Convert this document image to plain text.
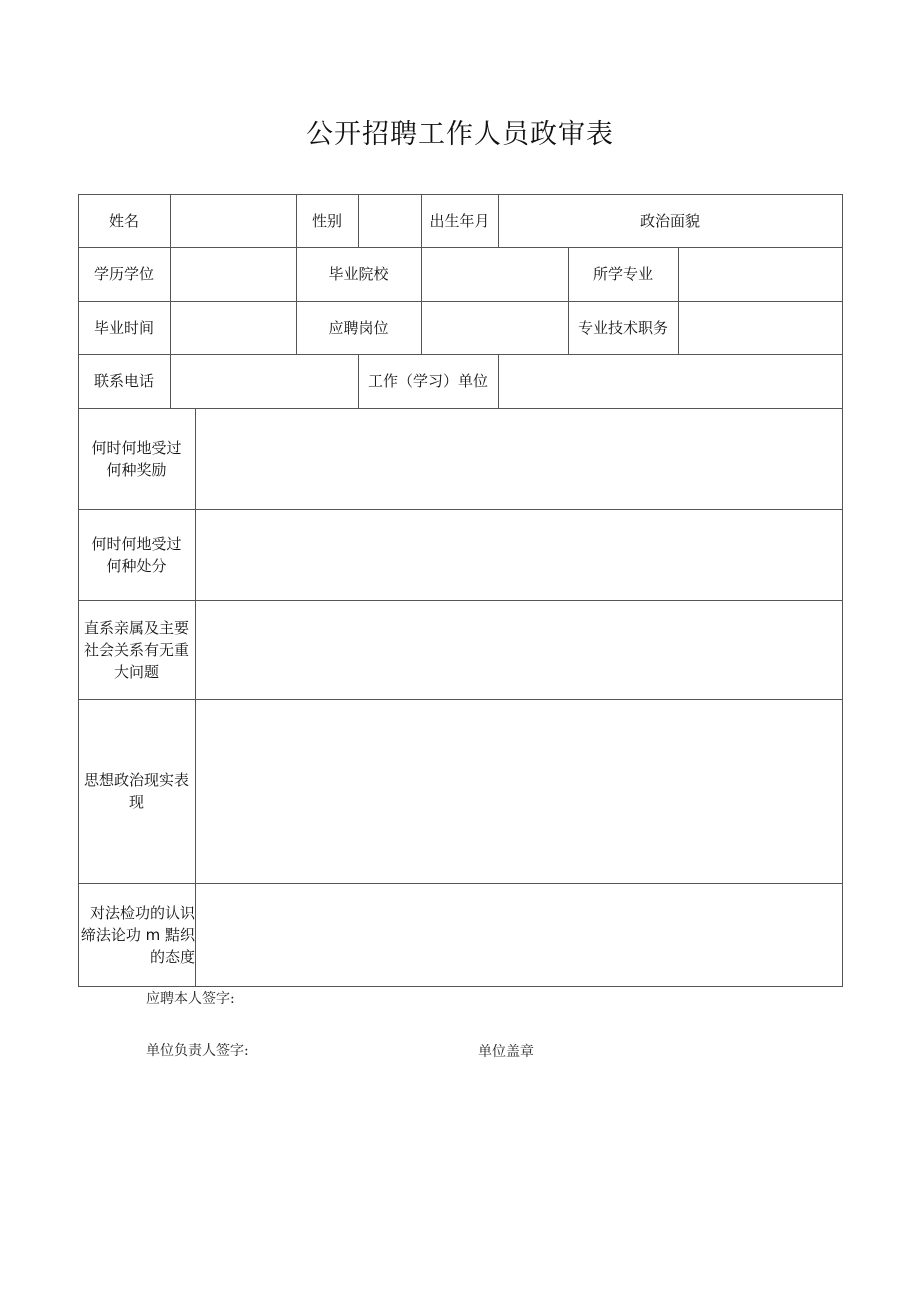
公开招聘工作人员政审表
姓名	性别	出生年月	政治面貌
学历学位	毕业院校	所学专业
毕业时间	应聘岗位	专业技术职务
联系电话	工作（学习）单位
何时何地受过
何种奖励
何时何地受过
何种处分
直系亲属及主要
社会关系有无重
大问题
思想政治现实表
现
对法检功的认识
缔法论功 m 黠织
的态度
应聘本人签字:
单位负责人签字:	单位盖章
